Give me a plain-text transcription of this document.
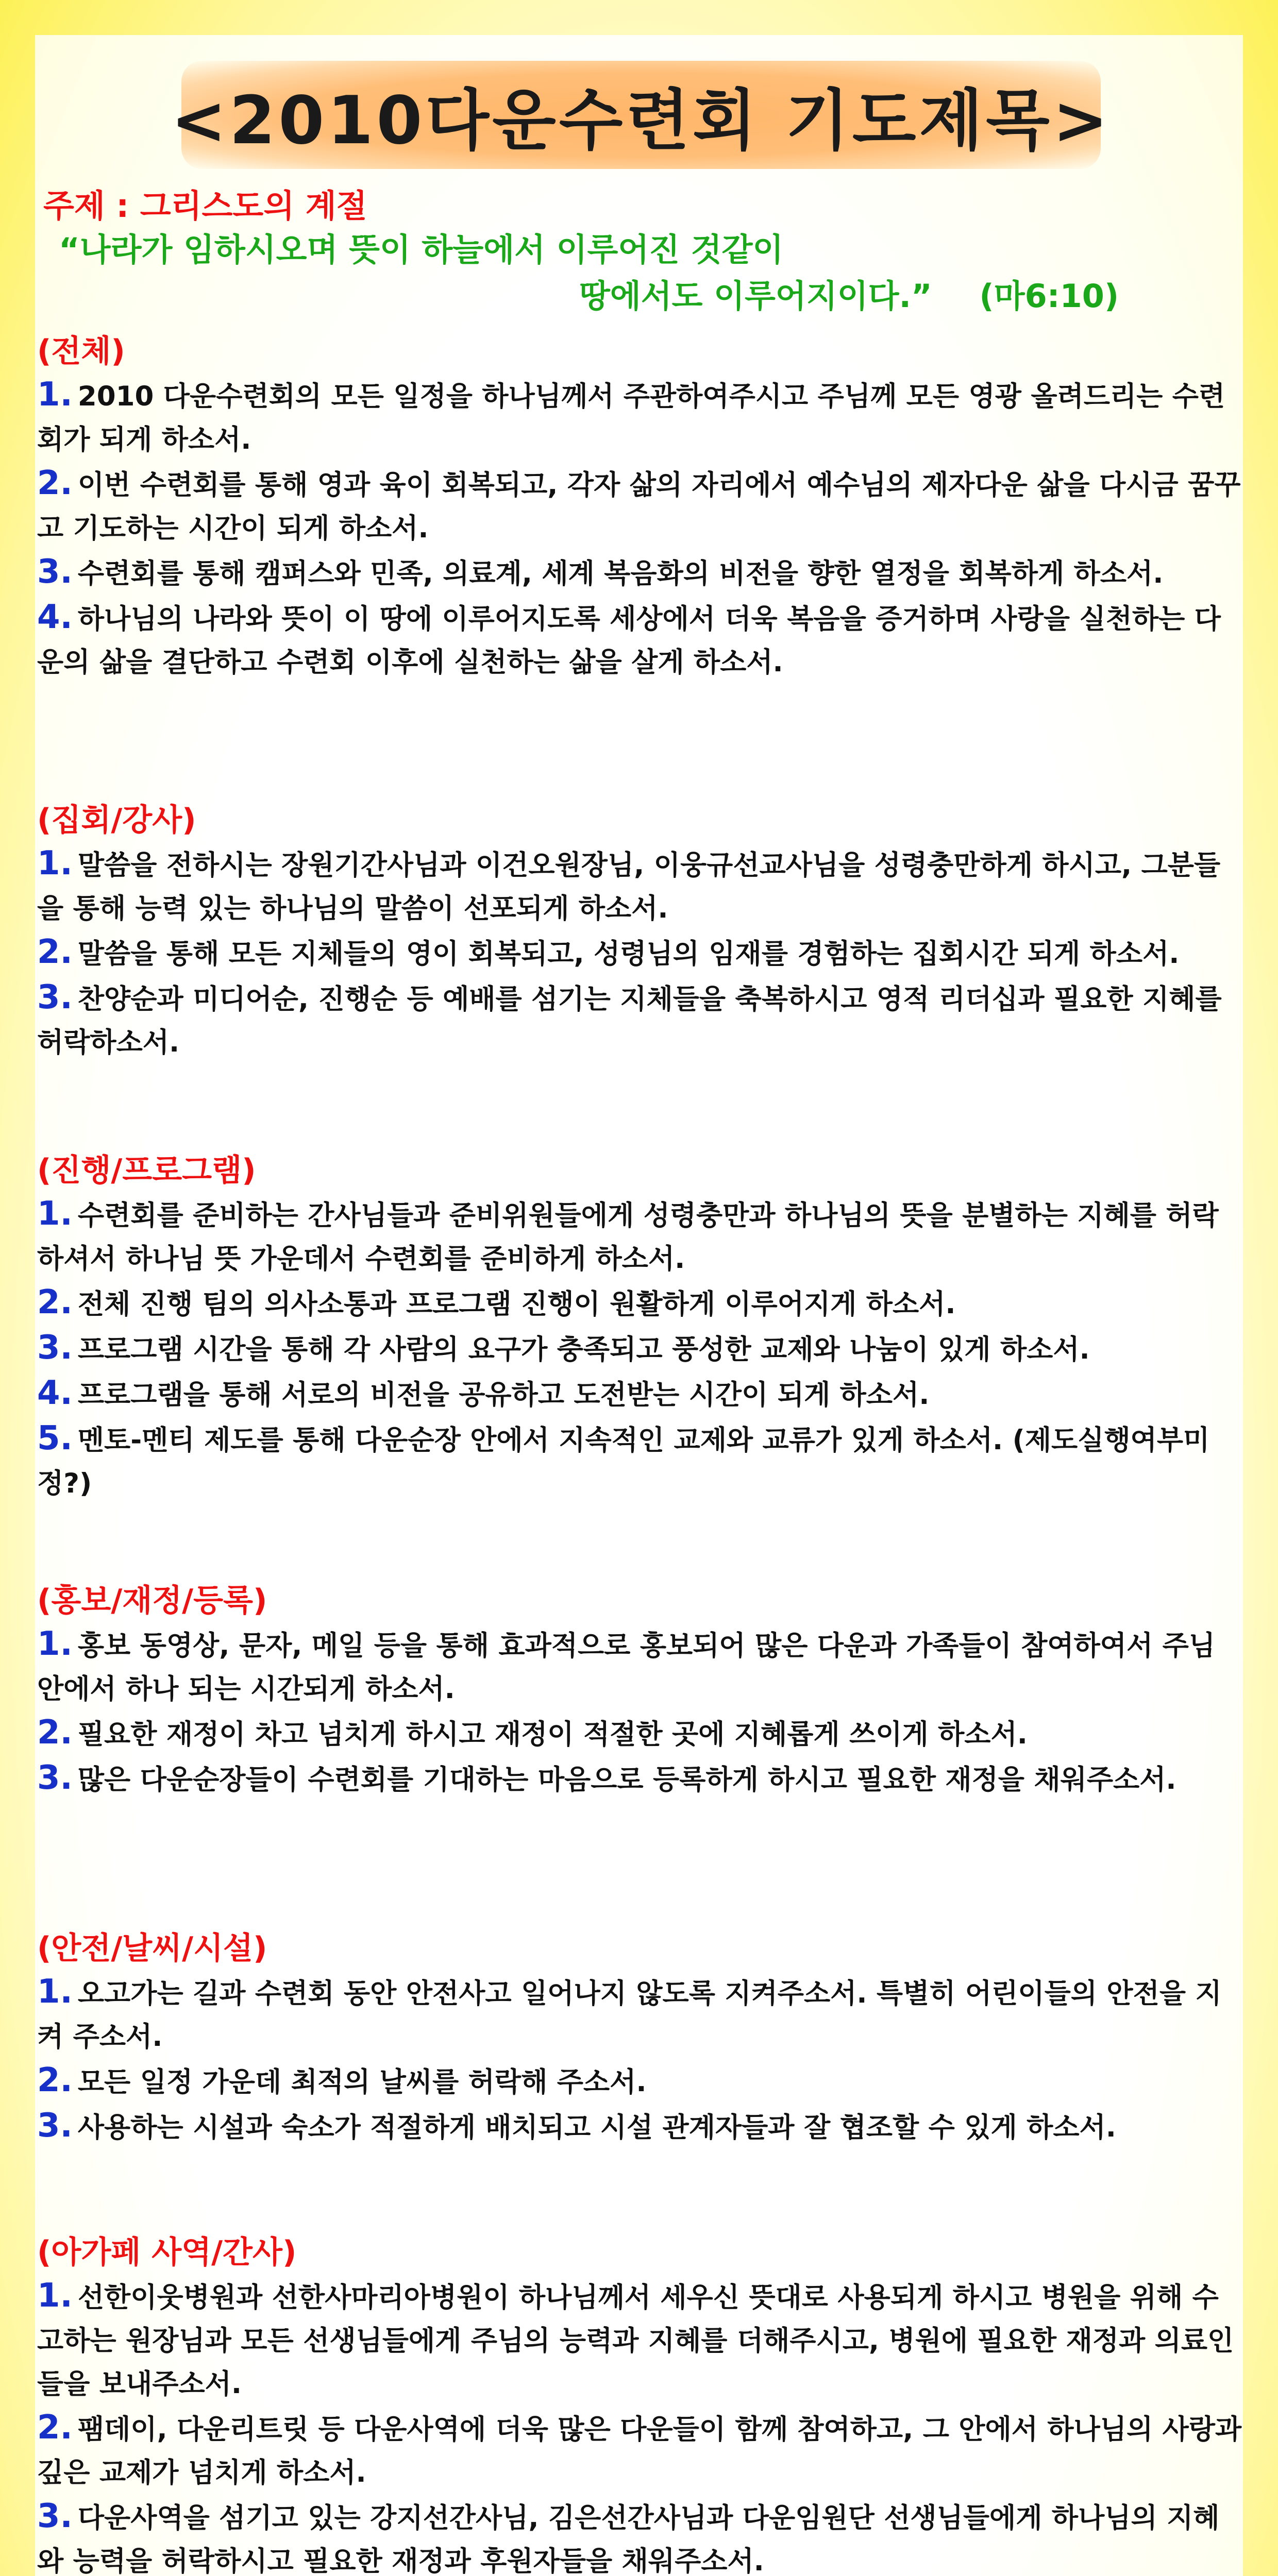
<2010다운수련회 기도제목>
주제 : 그리스도의 계절
“나라가 임하시오며 뜻이 하늘에서 이루어진 것같이
땅에서도 이루어지이다.” (마6:10)
(전체)
1. 2010 다운수련회의 모든 일정을 하나님께서 주관하여주시고 주님께 모든 영광 올려드리는 수련회가 되게 하소서.
2. 이번 수련회를 통해 영과 육이 회복되고, 각자 삶의 자리에서 예수님의 제자다운 삶을 다시금 꿈꾸고 기도하는 시간이 되게 하소서.
3. 수련회를 통해 캠퍼스와 민족, 의료계, 세계 복음화의 비전을 향한 열정을 회복하게 하소서.
4. 하나님의 나라와 뜻이 이 땅에 이루어지도록 세상에서 더욱 복음을 증거하며 사랑을 실천하는 다운의 삶을 결단하고 수련회 이후에 실천하는 삶을 살게 하소서.
(집회/강사)
1. 말씀을 전하시는 장원기간사님과 이건오원장님, 이웅규선교사님을 성령충만하게 하시고, 그분들을 통해 능력 있는 하나님의 말씀이 선포되게 하소서.
2. 말씀을 통해 모든 지체들의 영이 회복되고, 성령님의 임재를 경험하는 집회시간 되게 하소서.
3. 찬양순과 미디어순, 진행순 등 예배를 섬기는 지체들을 축복하시고 영적 리더십과 필요한 지혜를 허락하소서.
(진행/프로그램)
1. 수련회를 준비하는 간사님들과 준비위원들에게 성령충만과 하나님의 뜻을 분별하는 지혜를 허락하셔서 하나님 뜻 가운데서 수련회를 준비하게 하소서.
2. 전체 진행 팀의 의사소통과 프로그램 진행이 원활하게 이루어지게 하소서.
3. 프로그램 시간을 통해 각 사람의 요구가 충족되고 풍성한 교제와 나눔이 있게 하소서.
4. 프로그램을 통해 서로의 비전을 공유하고 도전받는 시간이 되게 하소서.
5. 멘토-멘티 제도를 통해 다운순장 안에서 지속적인 교제와 교류가 있게 하소서. (제도실행여부미정?)
(홍보/재정/등록)
1. 홍보 동영상, 문자, 메일 등을 통해 효과적으로 홍보되어 많은 다운과 가족들이 참여하여서 주님 안에서 하나 되는 시간되게 하소서.
2. 필요한 재정이 차고 넘치게 하시고 재정이 적절한 곳에 지혜롭게 쓰이게 하소서.
3. 많은 다운순장들이 수련회를 기대하는 마음으로 등록하게 하시고 필요한 재정을 채워주소서.
(안전/날씨/시설)
1. 오고가는 길과 수련회 동안 안전사고 일어나지 않도록 지켜주소서. 특별히 어린이들의 안전을 지켜 주소서.
2. 모든 일정 가운데 최적의 날씨를 허락해 주소서.
3. 사용하는 시설과 숙소가 적절하게 배치되고 시설 관계자들과 잘 협조할 수 있게 하소서.
(아가페 사역/간사)
1. 선한이웃병원과 선한사마리아병원이 하나님께서 세우신 뜻대로 사용되게 하시고 병원을 위해 수고하는 원장님과 모든 선생님들에게 주님의 능력과 지혜를 더해주시고, 병원에 필요한 재정과 의료인들을 보내주소서.
2. 팸데이, 다운리트릿 등 다운사역에 더욱 많은 다운들이 함께 참여하고, 그 안에서 하나님의 사랑과 깊은 교제가 넘치게 하소서.
3. 다운사역을 섬기고 있는 강지선간사님, 김은선간사님과 다운임원단 선생님들에게 하나님의 지혜와 능력을 허락하시고 필요한 재정과 후원자들을 채워주소서.
